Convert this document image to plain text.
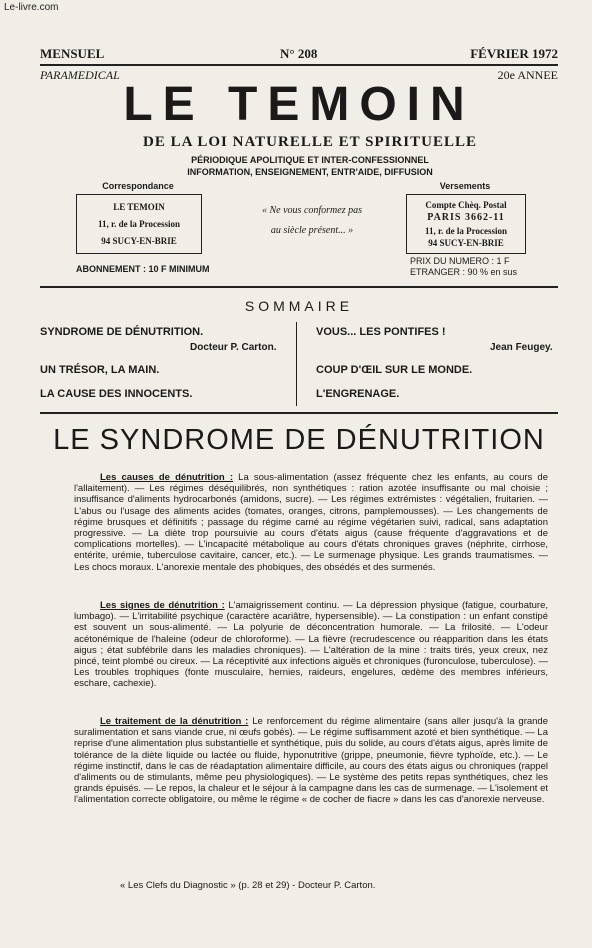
Le-livre.com
MENSUEL	N° 208	FÉVRIER 1972
PARAMEDICAL	20e ANNEE
LE TEMOIN
DE LA LOI NATURELLE ET SPIRITUELLE
PÉRIODIQUE APOLITIQUE ET INTER-CONFESSIONNEL
INFORMATION, ENSEIGNEMENT, ENTR'AIDE, DIFFUSION
Correspondance
LE TEMOIN
11, r. de la Procession
94 SUCY-EN-BRIE
« Ne vous conformez pas
au siècle présent... »
Versements
Compte Chèq. Postal
PARIS 3662-11
11, r. de la Procession
94 SUCY-EN-BRIE
ABONNEMENT : 10 F MINIMUM
PRIX DU NUMERO : 1 F
ETRANGER : 90 % en sus
SOMMAIRE
SYNDROME DE DÉNUTRITION.
Docteur P. Carton.
UN TRÉSOR, LA MAIN.
LA CAUSE DES INNOCENTS.
VOUS... LES PONTIFES !
Jean Feugey.
COUP D'ŒIL SUR LE MONDE.
L'ENGRENAGE.
LE SYNDROME DE DÉNUTRITION

Les causes de dénutrition : La sous-alimentation (assez fréquente chez les enfants, au cours de l'allaitement). — Les régimes déséquilibrés, non synthétiques : ration azotée insuffisante ou mal choisie ; insuffisance d'aliments hydrocarbonés (amidons, sucre). — Les régimes extrémistes : végétalien, fruitarien. — L'abus ou l'usage des aliments acides (tomates, oranges, citrons, pamplemousses). — Les changements de régime brusques et définitifs ; passage du régime carné au régime végétarien suivi, radical, sans adaptation progressive. — La diète trop poursuivie au cours d'états aigus (cause fréquente d'aggravations et de complications mortelles). — L'incapacité métabolique au cours d'états chroniques graves (néphrite, cirrhose, entérite, urémie, tuberculose cavitaire, cancer, etc.). — Le surmenage physique. Les grands traumatismes. — Les chocs moraux. L'anorexie mentale des phobiques, des obsédés et des surmenés.

Les signes de dénutrition : L'amaigrissement continu. — La dépression physique (fatigue, courbature, lumbago). — L'irritabilité psychique (caractère acariâtre, hypersensible). — La constipation : un enfant constipé est souvent un sous-alimenté. — La polyurie de déconcentration humorale. — La frilosité. — L'odeur acétonémique de l'haleine (odeur de chloroforme). — La fièvre (recrudescence ou réapparition dans les états aigus ; état subfébrile dans les maladies chroniques). — L'altération de la mine : traits tirés, yeux creux, nez pincé, teint plombé ou cireux. — La réceptivité aux infections aiguës et chroniques (furonculose, tuberculose). — Les troubles trophiques (fonte musculaire, hernies, raideurs, engelures, œdème des membres inférieurs, eschare, cachexie).

Le traitement de la dénutrition : Le renforcement du régime alimentaire (sans aller jusqu'à la grande suralimentation et sans viande crue, ni œufs gobés). — Le régime suffisamment azoté et bien synthétique. — La reprise d'une alimentation plus substantielle et synthétique, puis du solide, au cours d'états aigus, après limite de tolérance de la diète liquide ou lactée ou fluide, hyponutritive (grippe, pneumonie, fièvre typhoïde, etc.). — Le régime instinctif, dans le cas de réadaptation alimentaire difficile, au cours des états aigus ou chroniques (rappel d'aliments ou de stimulants, même peu physiologiques). — Le système des petits repas synthétiques, chez les grands épuisés. — Le repos, la chaleur et le séjour à la campagne dans les cas de surmenage. — L'isolement et l'alimentation correcte obligatoire, ou même le régime « de cocher de fiacre » dans les cas d'anorexie nerveuse.

« Les Clefs du Diagnostic » (p. 28 et 29) - Docteur P. Carton.
